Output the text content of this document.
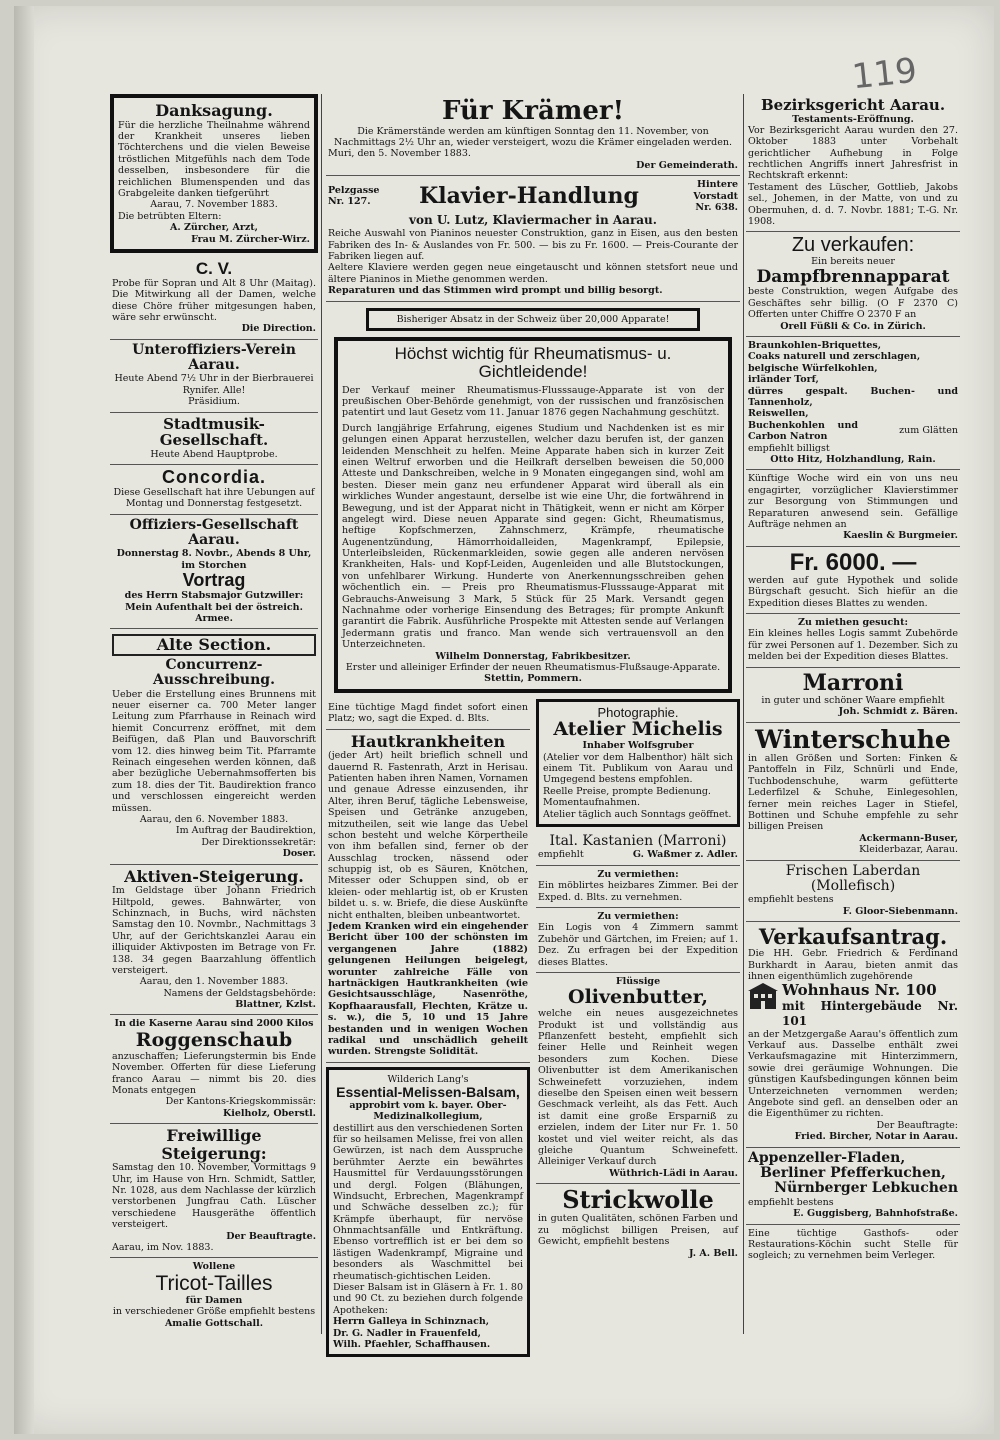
119
Danksagung.
Für die herzliche Theilnahme während der Krankheit unseres lieben Töchterchens und die vielen Beweise tröstlichen Mitgefühls nach dem Tode desselben, insbesondere für die reichlichen Blumenspenden und das Grabgeleite danken tiefgerührt
Aarau, 7. November 1883.
Die betrübten Eltern:
A. Zürcher, Arzt,
Frau M. Zürcher-Wirz.
C. V.
Probe für Sopran und Alt 8 Uhr (Maitag). Die Mitwirkung all der Damen, welche diese Chöre früher mitgesungen haben, wäre sehr erwünscht.
Die Direction.
Unteroffiziers-Verein Aarau.
Heute Abend 7½ Uhr in der Bierbrauerei Rynifer. Alle!
Präsidium.
Stadtmusik-Gesellschaft.
Heute Abend Hauptprobe.
Concordia.
Diese Gesellschaft hat ihre Uebungen auf Montag und Donnerstag festgesetzt.
Offiziers-Gesellschaft Aarau.
Donnerstag 8. Novbr., Abends 8 Uhr, im Storchen
Vortrag
des Herrn Stabsmajor Gutzwiller: Mein Aufenthalt bei der östreich. Armee.
Alte Section.
Concurrenz-Ausschreibung.
Ueber die Erstellung eines Brunnens mit neuer eiserner ca. 700 Meter langer Leitung zum Pfarrhause in Reinach wird hiemit Concurrenz eröffnet, mit dem Beifügen, daß Plan und Bauvorschrift vom 12. dies hinweg beim Tit. Pfarramte Reinach eingesehen werden können, daß aber bezügliche Uebernahmsofferten bis zum 18. dies der Tit. Baudirektion franco und verschlossen eingereicht werden müssen.
Aarau, den 6. November 1883.
Im Auftrag der Baudirektion,
Der Direktionssekretär:
Doser.
Aktiven-Steigerung.
Im Geldstage über Johann Friedrich Hiltpold, gewes. Bahnwärter, von Schinznach, in Buchs, wird nächsten Samstag den 10. Novmbr., Nachmittags 3 Uhr, auf der Gerichtskanzlei Aarau ein illiquider Aktivposten im Betrage von Fr. 138. 34 gegen Baarzahlung öffentlich versteigert.
Aarau, den 1. November 1883.
Namens der Geldstagsbehörde:
Blattner, Kzlst.
In die Kaserne Aarau sind 2000 Kilos
Roggenschaub
anzuschaffen; Lieferungstermin bis Ende November. Offerten für diese Lieferung franco Aarau — nimmt bis 20. dies Monats entgegen
Der Kantons-Kriegskommissär:
Kielholz, Oberstl.
Freiwillige Steigerung:
Samstag den 10. November, Vormittags 9 Uhr, im Hause von Hrn. Schmidt, Sattler, Nr. 1028, aus dem Nachlasse der kürzlich verstorbenen Jungfrau Cath. Lüscher verschiedene Hausgeräthe öffentlich versteigert.
Der Beauftragte.
Aarau, im Nov. 1883.
Wollene
Tricot-Tailles
für Damen
in verschiedener Größe empfiehlt bestens
Amalie Gottschall.
Für Krämer!
Die Krämerstände werden am künftigen Sonntag den 11. November, von Nachmittags 2½ Uhr an, wieder versteigert, wozu die Krämer eingeladen werden.
Muri, den 5. November 1883.
Der Gemeinderath.
Pelzgasse Nr. 127.	Klavier-Handlung	Hintere Vorstadt Nr. 638.
von U. Lutz, Klaviermacher in Aarau.
Reiche Auswahl von Pianinos neuester Construktion, ganz in Eisen, aus den besten Fabriken des In- & Auslandes von Fr. 500. — bis zu Fr. 1600. — Preis-Courante der Fabriken liegen auf.
Aeltere Klaviere werden gegen neue eingetauscht und können stetsfort neue und ältere Pianinos in Miethe genommen werden.
Reparaturen und das Stimmen wird prompt und billig besorgt.
Bisheriger Absatz in der Schweiz über 20,000 Apparate!
Höchst wichtig für Rheumatismus- u. Gichtleidende!
Der Verkauf meiner Rheumatismus-Flusssauge-Apparate ist von der preußischen Ober-Behörde genehmigt, von der russischen und französischen patentirt und laut Gesetz vom 11. Januar 1876 gegen Nachahmung geschützt.
Durch langjährige Erfahrung, eigenes Studium und Nachdenken ist es mir gelungen einen Apparat herzustellen, welcher dazu berufen ist, der ganzen leidenden Menschheit zu helfen. Meine Apparate haben sich in kurzer Zeit einen Weltruf erworben und die Heilkraft derselben beweisen die 50,000 Atteste und Dankschreiben, welche in 9 Monaten eingegangen sind, wohl am besten. Dieser mein ganz neu erfundener Apparat wird überall als ein wirkliches Wunder angestaunt, derselbe ist wie eine Uhr, die fortwährend in Bewegung, und ist der Apparat nicht in Thätigkeit, wenn er nicht am Körper angelegt wird. Diese neuen Apparate sind gegen: Gicht, Rheumatismus, heftige Kopfschmerzen, Zahnschmerz, Krämpfe, rheumatische Augenentzündung, Hämorrhoidalleiden, Magenkrampf, Epilepsie, Unterleibsleiden, Rückenmarkleiden, sowie gegen alle anderen nervösen Krankheiten, Hals- und Kopf-Leiden, Augenleiden und alle Blutstockungen, von unfehlbarer Wirkung. Hunderte von Anerkennungsschreiben gehen wöchentlich ein. — Preis pro Rheumatismus-Flusssauge-Apparat mit Gebrauchs-Anweisung 3 Mark, 5 Stück für 25 Mark. Versandt gegen Nachnahme oder vorherige Einsendung des Betrages; für prompte Ankunft garantirt die Fabrik. Ausführliche Prospekte mit Attesten sende auf Verlangen Jedermann gratis und franco. Man wende sich vertrauensvoll an den Unterzeichneten.
Wilhelm Donnerstag, Fabrikbesitzer.
Erster und alleiniger Erfinder der neuen Rheumatismus-Flußsauge-Apparate.
Stettin, Pommern.
Eine tüchtige Magd findet sofort einen Platz; wo, sagt die Exped. d. Blts.
Hautkrankheiten
(jeder Art) heilt brieflich schnell und dauernd R. Fastenrath, Arzt in Herisau. Patienten haben ihren Namen, Vornamen und genaue Adresse einzusenden, ihr Alter, ihren Beruf, tägliche Lebensweise, Speisen und Getränke anzugeben, mitzutheilen, seit wie lange das Uebel schon besteht und welche Körpertheile von ihm befallen sind, ferner ob der Ausschlag trocken, nässend oder schuppig ist, ob es Säuren, Knötchen, Mitesser oder Schuppen sind, ob er kleien- oder mehlartig ist, ob er Krusten bildet u. s. w. Briefe, die diese Auskünfte nicht enthalten, bleiben unbeantwortet.
Jedem Kranken wird ein eingehender Bericht über 100 der schönsten im vergangenen Jahre (1882) gelungenen Heilungen beigelegt, worunter zahlreiche Fälle von hartnäckigen Hautkrankheiten (wie Gesichtsausschläge, Nasenröthe, Kopfhaarausfall, Flechten, Krätze u. s. w.), die 5, 10 und 15 Jahre bestanden und in wenigen Wochen radikal und unschädlich geheilt wurden. Strengste Solidität.
Wilderich Lang's
Essential-Melissen-Balsam,
approbirt vom k. bayer. Ober-Medizinalkollegium,
destillirt aus den verschiedenen Sorten für so heilsamen Melisse, frei von allen Gewürzen, ist nach dem Ausspruche berühmter Aerzte ein bewährtes Hausmittel für Verdauungsstörungen und dergl. Folgen (Blähungen, Windsucht, Erbrechen, Magenkrampf und Schwäche desselben zc.); für Krämpfe überhaupt, für nervöse Ohnmachtsanfälle und Entkräftung. Ebenso vortrefflich ist er bei dem so lästigen Wadenkrampf, Migraine und besonders als Waschmittel bei rheumatisch-gichtischen Leiden.
Dieser Balsam ist in Gläsern à Fr. 1. 80 und 90 Ct. zu beziehen durch folgende Apotheken:
Herrn Galleya in Schinznach,
Dr. G. Nadler in Frauenfeld,
Wilh. Pfaehler, Schaffhausen.
Photographie.
Atelier Michelis
Inhaber Wolfsgruber
(Atelier vor dem Halbenthor) hält sich einem Tit. Publikum von Aarau und Umgegend bestens empfohlen.
Reelle Preise, prompte Bedienung.
Momentaufnahmen.
Atelier täglich auch Sonntags geöffnet.
Ital. Kastanien (Marroni)
empfiehlt	G. Waßmer z. Adler.
Zu vermiethen:
Ein möblirtes heizbares Zimmer. Bei der Exped. d. Blts. zu vernehmen.
Zu vermiethen:
Ein Logis von 4 Zimmern sammt Zubehör und Gärtchen, im Freien; auf 1. Dez. Zu erfragen bei der Expedition dieses Blattes.
Flüssige
Olivenbutter,
welche ein neues ausgezeichnetes Produkt ist und vollständig aus Pflanzenfett besteht, empfiehlt sich feiner Helle und Reinheit wegen besonders zum Kochen. Diese Olivenbutter ist dem Amerikanischen Schweinefett vorzuziehen, indem dieselbe den Speisen einen weit bessern Geschmack verleiht, als das Fett. Auch ist damit eine große Ersparniß zu erzielen, indem der Liter nur Fr. 1. 50 kostet und viel weiter reicht, als das gleiche Quantum Schweinefett. Alleiniger Verkauf durch
Wüthrich-Lädi in Aarau.
Strickwolle
in guten Qualitäten, schönen Farben und zu möglichst billigen Preisen, auf Gewicht, empfiehlt bestens
J. A. Bell.
Bezirksgericht Aarau.
Testaments-Eröffnung.
Vor Bezirksgericht Aarau wurden den 27. Oktober 1883 unter Vorbehalt gerichtlicher Aufhebung in Folge rechtlichen Angriffs innert Jahresfrist in Rechtskraft erkennt:
Testament des Lüscher, Gottlieb, Jakobs sel., Johemen, in der Matte, von und zu Obermuhen, d. d. 7. Novbr. 1881; T.-G. Nr. 1908.
Zu verkaufen:
Ein bereits neuer
Dampfbrennapparat
beste Construktion, wegen Aufgabe des Geschäftes sehr billig. (O F 2370 C) Offerten unter Chiffre O 2370 F an
Orell Füßli & Co. in Zürich.
Braunkohlen-Briquettes,
Coaks naturell und zerschlagen,
belgische Würfelkohlen,
irländer Torf,
dürres gespalt. Buchen- und Tannenholz,
Reiswellen,
Buchenkohlen und Carbon Natron
zum Glätten
empfiehlt billigst
Otto Hitz, Holzhandlung, Rain.
Künftige Woche wird ein von uns neu engagirter, vorzüglicher Klavierstimmer zur Besorgung von Stimmungen und Reparaturen anwesend sein. Gefällige Aufträge nehmen an
Kaeslin & Burgmeier.
Fr. 6000. —
werden auf gute Hypothek und solide Bürgschaft gesucht. Sich hiefür an die Expedition dieses Blattes zu wenden.
Zu miethen gesucht:
Ein kleines helles Logis sammt Zubehörde für zwei Personen auf 1. Dezember. Sich zu melden bei der Expedition dieses Blattes.
Marroni
in guter und schöner Waare empfiehlt
Joh. Schmidt z. Bären.
Winterschuhe
in allen Größen und Sorten: Finken & Pantoffeln in Filz, Schnürli und Ende, Tuchbodenschuhe, warm gefütterte Lederfilzel & Schuhe, Einlegesohlen, ferner mein reiches Lager in Stiefel, Bottinen und Schuhe empfehle zu sehr billigen Preisen
Ackermann-Buser,
Kleiderbazar, Aarau.
Frischen Laberdan (Mollefisch)
empfiehlt bestens
F. Gloor-Siebenmann.
Verkaufsantrag.
Die HH. Gebr. Friedrich & Ferdinand Burkhardt in Aarau, bieten anmit das ihnen eigenthümlich zugehörende
Wohnhaus Nr. 100
mit Hintergebäude Nr. 101
an der Metzgergaße Aarau's öffentlich zum Verkauf aus. Dasselbe enthält zwei Verkaufsmagazine mit Hinterzimmern, sowie drei geräumige Wohnungen. Die günstigen Kaufsbedingungen können beim Unterzeichneten vernommen werden; Angebote sind gefl. an denselben oder an die Eigenthümer zu richten.
Der Beauftragte:
Fried. Bircher, Notar in Aarau.
Appenzeller-Fladen,
Berliner Pfefferkuchen,
Nürnberger Lebkuchen
empfiehlt bestens
E. Guggisberg, Bahnhofstraße.
Eine tüchtige Gasthofs- oder Restaurations-Köchin sucht Stelle für sogleich; zu vernehmen beim Verleger.
